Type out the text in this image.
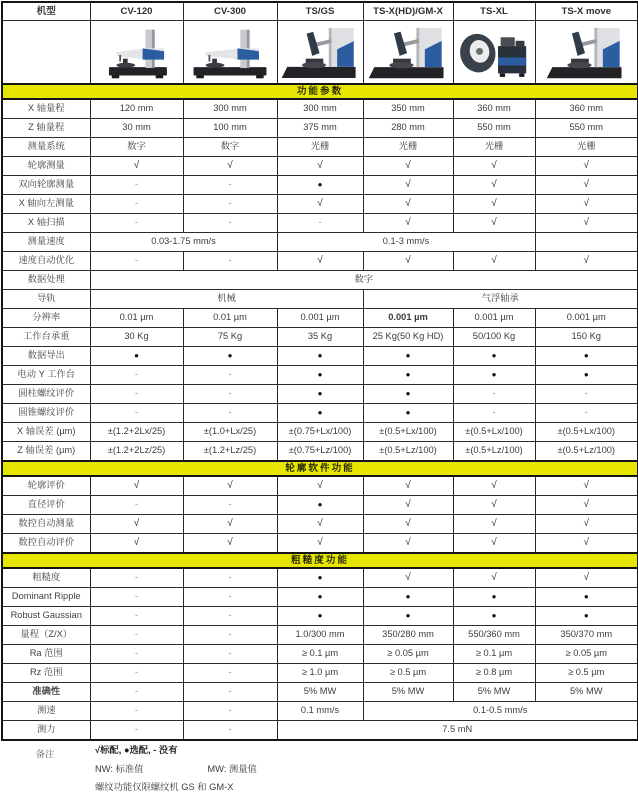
机型	CV-120	CV-300	TS/GS	TS-X(HD)/GM-X	TS-XL	TS-X move

功能参数						
X 轴量程	120 mm	300 mm	300 mm	350 mm	360 mm	360 mm
Z 轴量程	30 mm	100 mm	375 mm	280 mm	550 mm	550 mm
测量系统	数字	数字	光栅	光栅	光栅	光栅
轮廓测量	√	√	√	√	√	√
双向轮廓测量	-	-	●	√	√	√
X 轴向左测量	-	-	√	√	√	√
X 轴扫描	-	-	-	√	√	√
测量速度	0.03-1.75 mm/s		0.1-3 mm/s			
速度自动优化	-	-	√	√	√	√
数据处理	数字					
导轨	机械			气浮轴承		
分辨率	0.01 µm	0.01 µm	0.001 µm	0.001 µm	0.001 µm	0.001 µm
工作台承重	30 Kg	75 Kg	35 Kg	25 Kg(50 Kg HD)	50/100 Kg	150 Kg
数据导出	●	●	●	●	●	●
电动 Y 工作台	-	-	●	●	●	●
圆柱螺纹评价	-	-	●	●	-	-
圆锥螺纹评价	-	-	●	●	-	-
X 轴误差 (µm)	±(1.2+2Lx/25)	±(1.0+Lx/25)	±(0.75+Lx/100)	±(0.5+Lx/100)	±(0.5+Lx/100)	±(0.5+Lx/100)
Z 轴误差 (µm)	±(1.2+2Lz/25)	±(1.2+Lz/25)	±(0.75+Lz/100)	±(0.5+Lz/100)	±(0.5+Lz/100)	±(0.5+Lz/100)
轮廓软件功能						
轮廓评价	√	√	√	√	√	√
直径评价	-	-	●	√	√	√
数控自动测量	√	√	√	√	√	√
数控自动评价	√	√	√	√	√	√
粗糙度功能						
粗糙度	-	-	●	√	√	√
Dominant Ripple	-	-	●	●	●	●
Robust Gaussian	-	-	●	●	●	●
量程（Z/X）	-	-	1.0/300 mm	350/280 mm	550/360 mm	350/370 mm
Ra 范围	-	-	≥ 0.1 µm	≥ 0.05 µm	≥ 0.1 µm	≥ 0.05 µm
Rz 范围	-	-	≥ 1.0 µm	≥ 0.5 µm	≥ 0.8 µm	≥ 0.5 µm
准确性	-	-	5% MW	5% MW	5% MW	5% MW
测速	-	-	0.1 mm/s	0.1-0.5 mm/s		
测力	-	-	7.5 mN			
备注	√标配, ●选配, - 没有
NW: 标准值	MW: 测量值
螺纹功能仅限螺纹机 GS 和 GM-X
